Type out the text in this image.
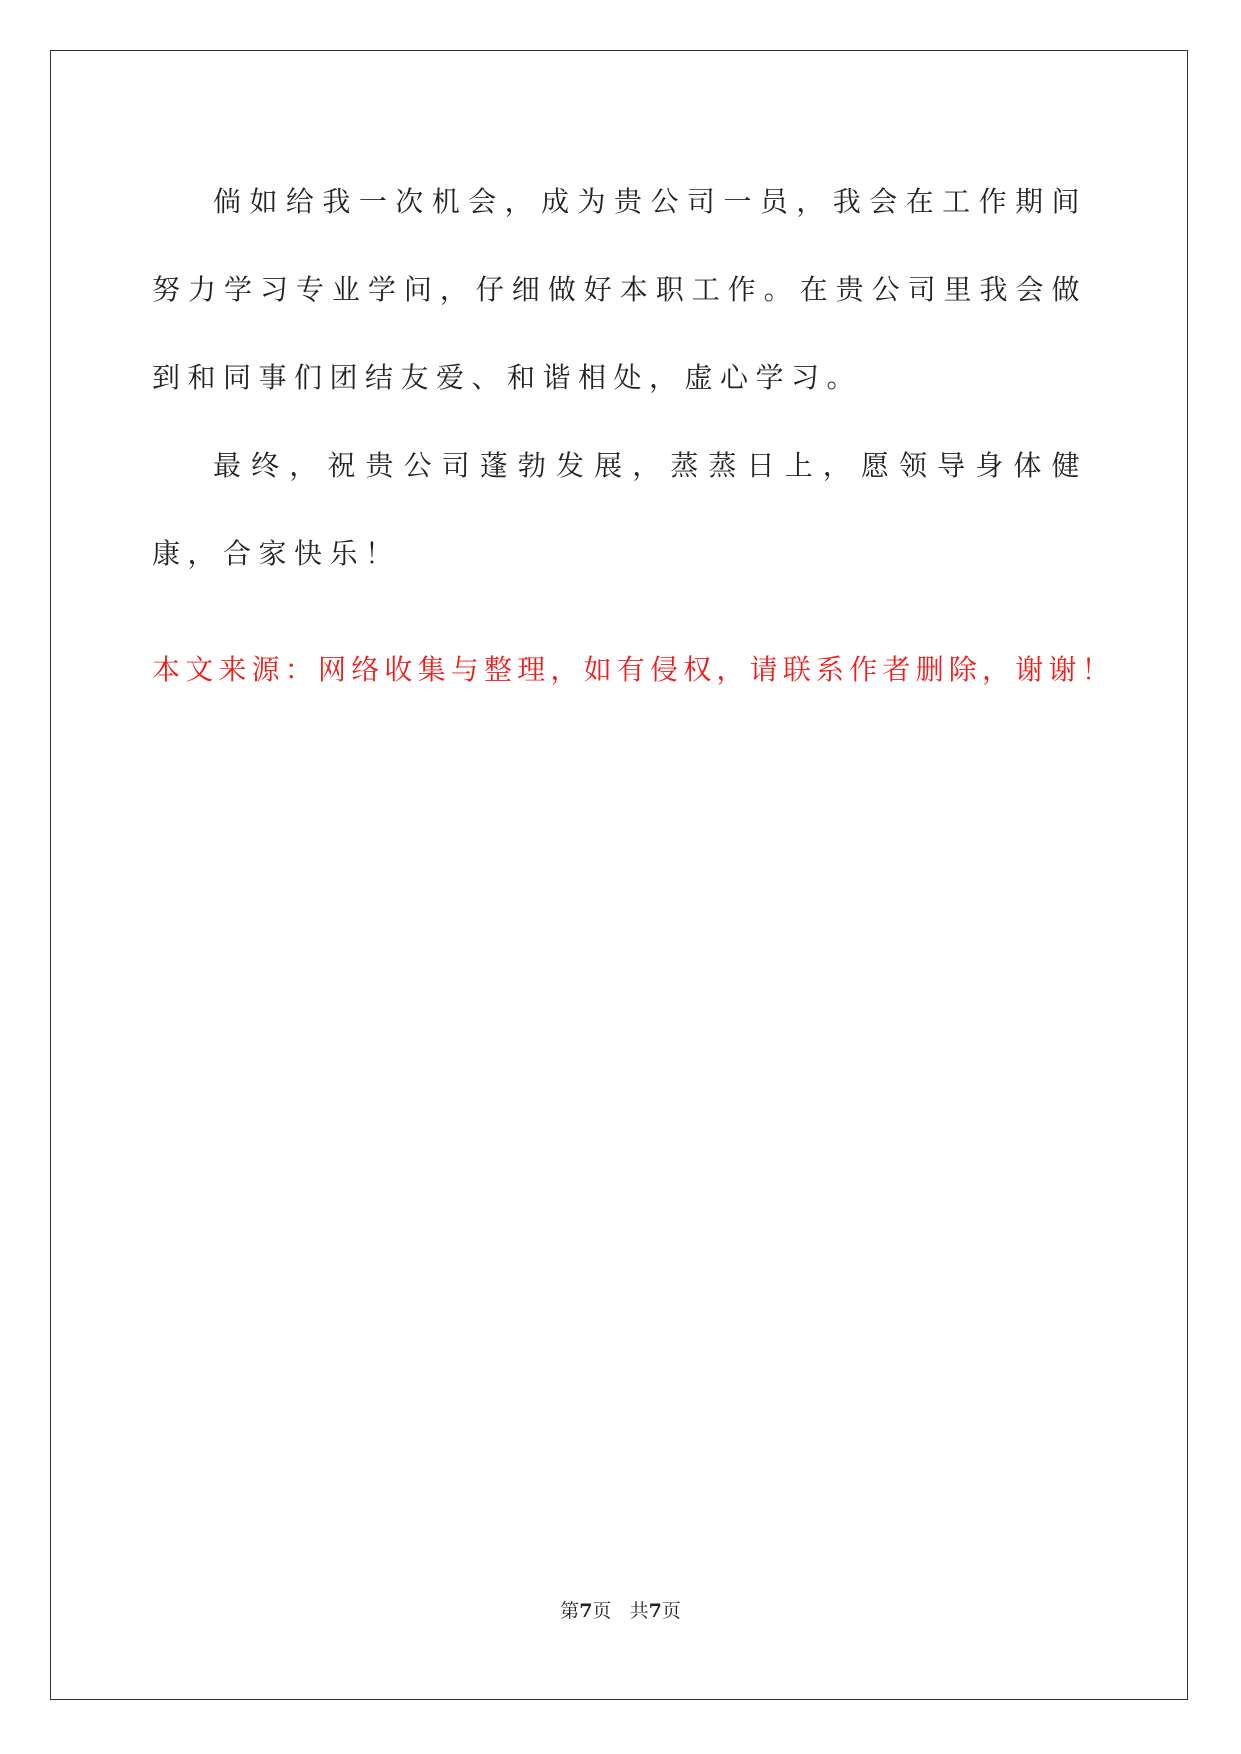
倘如给我一次机会，成为贵公司一员，我会在工作期间努力学习专业学问，仔细做好本职工作。在贵公司里我会做到和同事们团结友爱、和谐相处，虚心学习。

最终，祝贵公司蓬勃发展，蒸蒸日上，愿领导身体健康，合家快乐！

本文来源：网络收集与整理，如有侵权，请联系作者删除，谢谢！

第7页 共7页
